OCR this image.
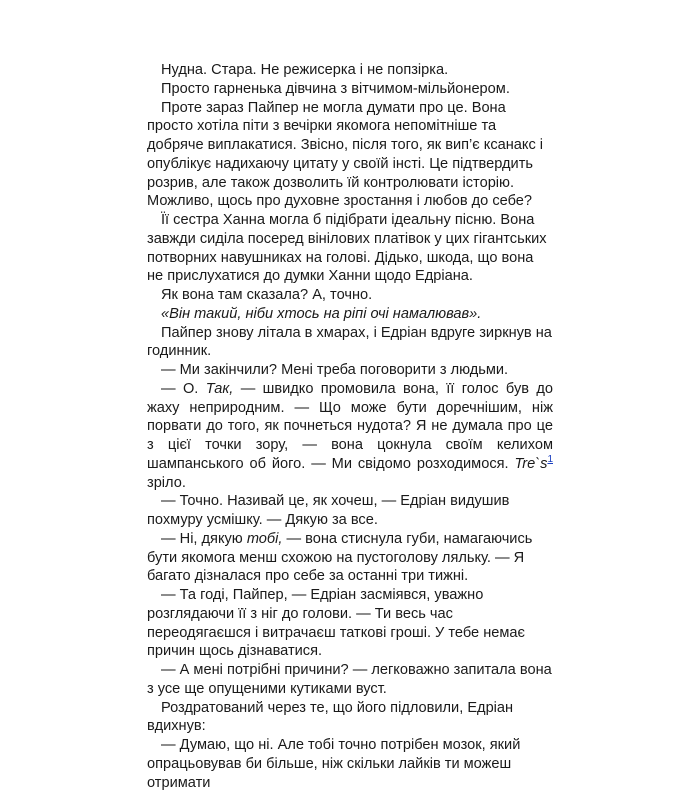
Нудна. Стара. Не режисерка і не попзірка.

Просто гарненька дівчина з вітчимом-мільйонером.

Проте зараз Пайпер не могла думати про це. Вона просто хотіла піти з вечірки якомога непомітніше та добряче виплакатися. Звісно, після того, як вип’є ксанакс і опублікує надихаючу цитату у своїй інсті. Це підтвердить розрив, але також дозволить їй контролювати історію. Можливо, щось про духовне зростання і любов до себе?

Її сестра Ханна могла б підібрати ідеальну пісню. Вона завжди сиділа посеред вінілових платівок у цих гігантських потворних навушниках на голові. Дідько, шкода, що вона не прислухатися до думки Ханни щодо Едріана.

Як вона там сказала? А, точно.

«Він такий, ніби хтось на ріпі очі намалював».

Пайпер знову літала в хмарах, і Едріан вдруге зиркнув на годинник.

— Ми закінчили? Мені треба поговорити з людьми.

— О. Так, — швидко промовила вона, її голос був до жаху неприродним. — Що може бути доречнішим, ніж порвати до того, як почнеться нудота? Я не думала про це з цієї точки зору, — вона цокнула своїм келихом шампанського об його. — Ми свідомо розходимося. Tre`s$^1$ зріло.

— Точно. Називай це, як хочеш, — Едріан видушив похмуру усмішку. — Дякую за все.

— Ні, дякую тобі, — вона стиснула губи, намагаючись бути якомога менш схожою на пустоголову ляльку. — Я багато дізналася про себе за останні три тижні.

— Та годі, Пайпер, — Едріан засміявся, уважно розглядаючи її з ніг до голови. — Ти весь час переодягаєшся і витрачаєш таткові гроші. У тебе немає причин щось дізнаватися.

— А мені потрібні причини? — легковажно запитала вона з усе ще опущеними кутиками вуст.

Роздратований через те, що його підловили, Едріан вдихнув:

— Думаю, що ні. Але тобі точно потрібен мозок, який опрацьовував би більше, ніж скільки лайків ти можеш отримати
